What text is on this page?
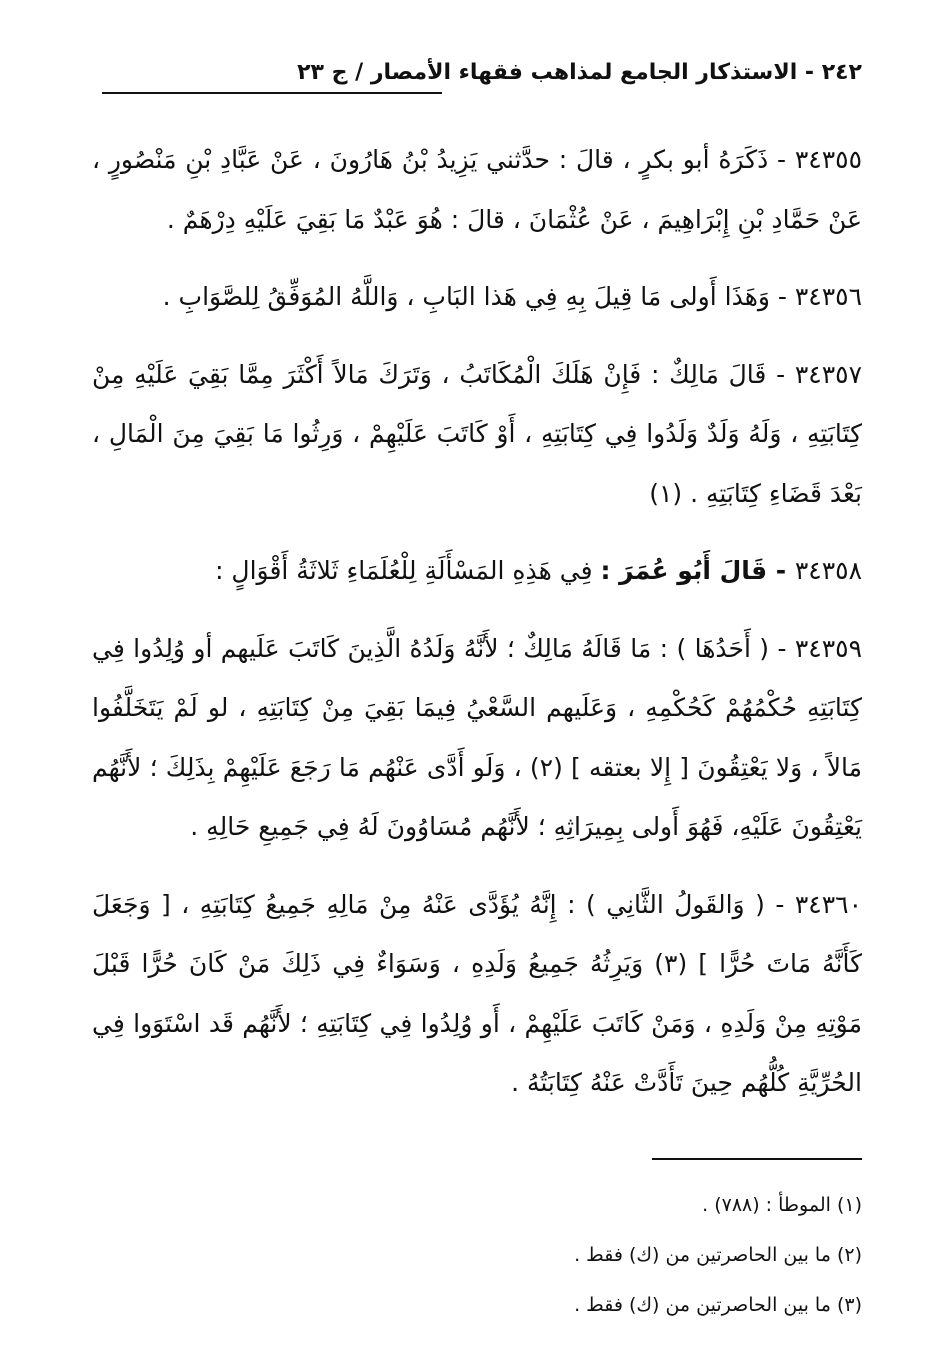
٢٤٢ - الاستذكار الجامع لمذاهب فقهاء الأمصار / ج ٢٣

٣٤٣٥٥ - ذَكَرَهُ أبو بكرٍ ، قالَ : حدَّثني يَزِيدُ بْنُ هَارُونَ ، عَنْ عَبَّادِ بْنِ مَنْصُورٍ ، عَنْ حَمَّادِ بْنِ إِبْرَاهِيمَ ، عَنْ عُثْمَانَ ، قالَ : هُوَ عَبْدٌ مَا بَقِيَ عَلَيْهِ دِرْهَمٌ .

٣٤٣٥٦ - وَهَذَا أَولى مَا قِيلَ بِهِ فِي هَذا البَابِ ، وَاللَّهُ المُوَفِّقُ لِلصَّوَابِ .

٣٤٣٥٧ - قَالَ مَالِكٌ : فَإِنْ هَلَكَ الْمُكَاتَبُ ، وَتَرَكَ مَالاً أَكْثَرَ مِمَّا بَقِيَ عَلَيْهِ مِنْ كِتَابَتِهِ ، وَلَهُ وَلَدٌ وَلَدُوا فِي كِتَابَتِهِ ، أَوْ كَاتَبَ عَلَيْهِمْ ، وَرِثُوا مَا بَقِيَ مِنَ الْمَالِ ، بَعْدَ قَضَاءِ كِتَابَتِهِ . (١)

٣٤٣٥٨ - قَالَ أَبُو عُمَرَ : فِي هَذِهِ المَسْأَلَةِ لِلْعُلَمَاءِ ثَلاثَةُ أَقْوَالٍ :

٣٤٣٥٩ - ( أَحَدُهَا ) : مَا قَالَهُ مَالِكٌ ؛ لأَنَّهُ وَلَدُهُ الَّذِينَ كَاتَبَ عَلَيهم أو وُلِدُوا فِي كِتَابَتِهِ حُكْمُهُمْ كَحُكْمِهِ ، وَعَلَيهم السَّعْيُ فِيمَا بَقِيَ مِنْ كِتَابَتِهِ ، لو لَمْ يَتَخَلَّفُوا مَالاً ، وَلا يَعْتِقُونَ [ إِلا بعتقه ] (٢) ، وَلَو أَدَّى عَنْهُم مَا رَجَعَ عَلَيْهِمْ بِذَلِكَ ؛ لأَنَّهُم يَعْتِقُونَ عَلَيْهِ، فَهُوَ أَولى بِمِيرَاثِهِ ؛ لأَنَّهُم مُسَاوُونَ لَهُ فِي جَمِيعِ حَالِهِ .

٣٤٣٦٠ - ( وَالقَولُ الثَّانِي ) : إِنَّهُ يُؤَدَّى عَنْهُ مِنْ مَالِهِ جَمِيعُ كِتَابَتِهِ ، [ وَجَعَلَ كَأَنَّهُ مَاتَ حُرًّا ] (٣) وَيَرِثُهُ جَمِيعُ وَلَدِهِ ، وَسَوَاءٌ فِي ذَلِكَ مَنْ كَانَ حُرًّا قَبْلَ مَوْتِهِ مِنْ وَلَدِهِ ، وَمَنْ كَاتَبَ عَلَيْهِمْ ، أَو وُلِدُوا فِي كِتَابَتِهِ ؛ لأَنَّهُم قَد اسْتَوَوا فِي الحُرِّيَّةِ كُلُّهُم حِينَ تَأَدَّتْ عَنْهُ كِتَابَتُهُ .

(١) الموطأ : (٧٨٨) .

(٢) ما بين الحاصرتين من (ك) فقط .

(٣) ما بين الحاصرتين من (ك) فقط .
